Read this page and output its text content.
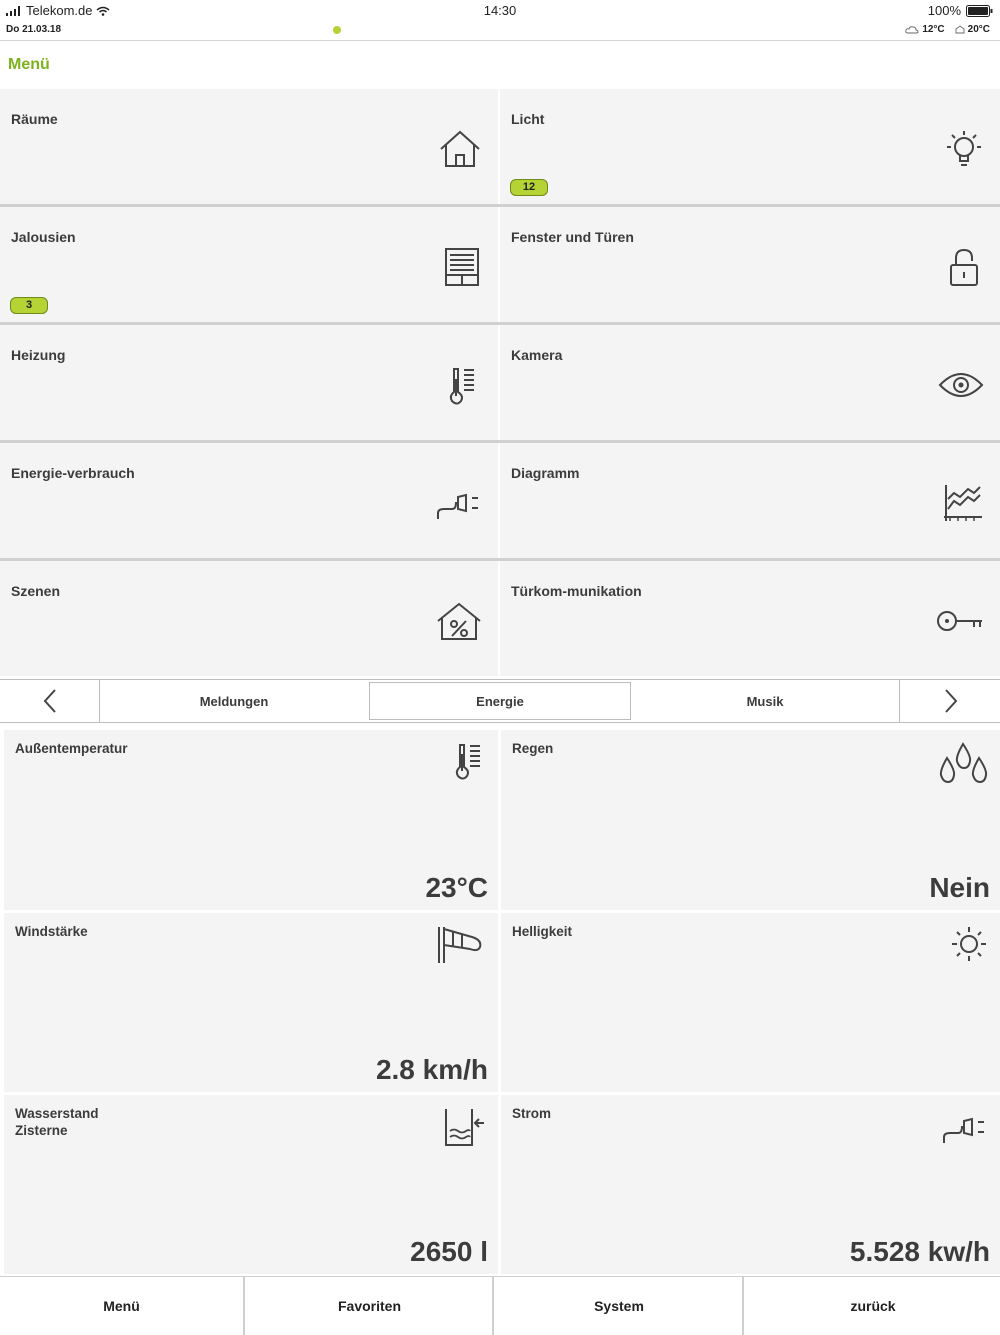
Telekom.de	14:30	100%
Do 21.03.18	12°C 20°C
Menü
Räume	Licht
12
Jalousien
3
Fenster und Türen
Heizung	Kamera
Energie-verbrauch	Diagramm
Szenen	Türkom-munikation
Meldungen	Energie	Musik
Außentemperatur
23°C
Regen
Nein
Windstärke
2.8 km/h
Helligkeit
Wasserstand Zisterne
2650 l
Strom
5.528 kw/h
Menü	Favoriten	System	zurück
